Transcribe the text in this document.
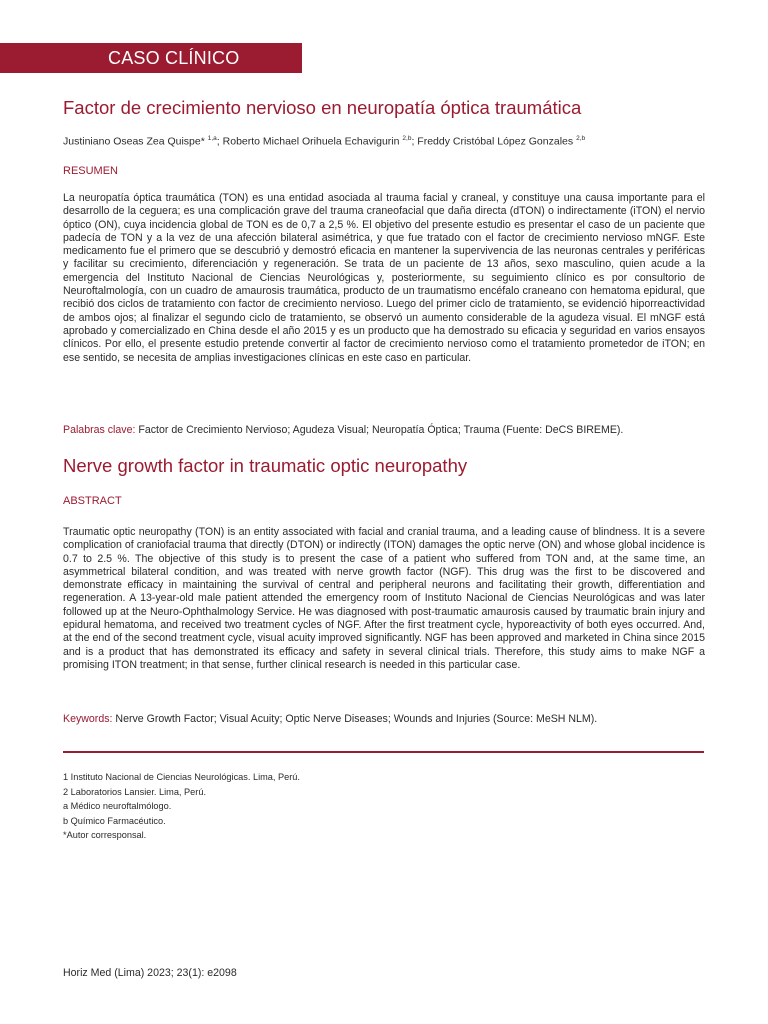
CASO CLÍNICO
Factor de crecimiento nervioso en neuropatía óptica traumática
Justiniano Oseas Zea Quispe* $^{1,a}$; Roberto Michael Orihuela Echavigurin $^{2,b}$; Freddy Cristóbal López Gonzales $^{2,b}$
RESUMEN

La neuropatía óptica traumática (TON) es una entidad asociada al trauma facial y craneal, y constituye una causa importante para el desarrollo de la ceguera; es una complicación grave del trauma craneofacial que daña directa (dTON) o indirectamente (iTON) el nervio óptico (ON), cuya incidencia global de TON es de 0,7 a 2,5 %. El objetivo del presente estudio es presentar el caso de un paciente que padecía de TON y a la vez de una afección bilateral asimétrica, y que fue tratado con el factor de crecimiento nervioso mNGF. Este medicamento fue el primero que se descubrió y demostró eficacia en mantener la supervivencia de las neuronas centrales y periféricas y facilitar su crecimiento, diferenciación y regeneración. Se trata de un paciente de 13 años, sexo masculino, quien acude a la emergencia del Instituto Nacional de Ciencias Neurológicas y, posteriormente, su seguimiento clínico es por consultorio de Neuroftalmología, con un cuadro de amaurosis traumática, producto de un traumatismo encéfalo craneano con hematoma epidural, que recibió dos ciclos de tratamiento con factor de crecimiento nervioso. Luego del primer ciclo de tratamiento, se evidenció hiporreactividad de ambos ojos; al finalizar el segundo ciclo de tratamiento, se observó un aumento considerable de la agudeza visual. El mNGF está aprobado y comercializado en China desde el año 2015 y es un producto que ha demostrado su eficacia y seguridad en varios ensayos clínicos. Por ello, el presente estudio pretende convertir al factor de crecimiento nervioso como el tratamiento prometedor de iTON; en ese sentido, se necesita de amplias investigaciones clínicas en este caso en particular.

Palabras clave: Factor de Crecimiento Nervioso; Agudeza Visual; Neuropatía Óptica; Trauma (Fuente: DeCS BIREME).
Nerve growth factor in traumatic optic neuropathy
ABSTRACT

Traumatic optic neuropathy (TON) is an entity associated with facial and cranial trauma, and a leading cause of blindness. It is a severe complication of craniofacial trauma that directly (DTON) or indirectly (ITON) damages the optic nerve (ON) and whose global incidence is 0.7 to 2.5 %. The objective of this study is to present the case of a patient who suffered from TON and, at the same time, an asymmetrical bilateral condition, and was treated with nerve growth factor (NGF). This drug was the first to be discovered and demonstrate efficacy in maintaining the survival of central and peripheral neurons and facilitating their growth, differentiation and regeneration. A 13-year-old male patient attended the emergency room of Instituto Nacional de Ciencias Neurológicas and was later followed up at the Neuro-Ophthalmology Service. He was diagnosed with post-traumatic amaurosis caused by traumatic brain injury and epidural hematoma, and received two treatment cycles of NGF. After the first treatment cycle, hyporeactivity of both eyes occurred. And, at the end of the second treatment cycle, visual acuity improved significantly. NGF has been approved and marketed in China since 2015 and is a product that has demonstrated its efficacy and safety in several clinical trials. Therefore, this study aims to make NGF a promising ITON treatment; in that sense, further clinical research is needed in this particular case.

Keywords: Nerve Growth Factor; Visual Acuity; Optic Nerve Diseases; Wounds and Injuries (Source: MeSH NLM).
1 Instituto Nacional de Ciencias Neurológicas. Lima, Perú.
2 Laboratorios Lansier. Lima, Perú.
a Médico neuroftalmólogo.
b Químico Farmacéutico.
*Autor corresponsal.
Horiz Med (Lima) 2023; 23(1): e2098
